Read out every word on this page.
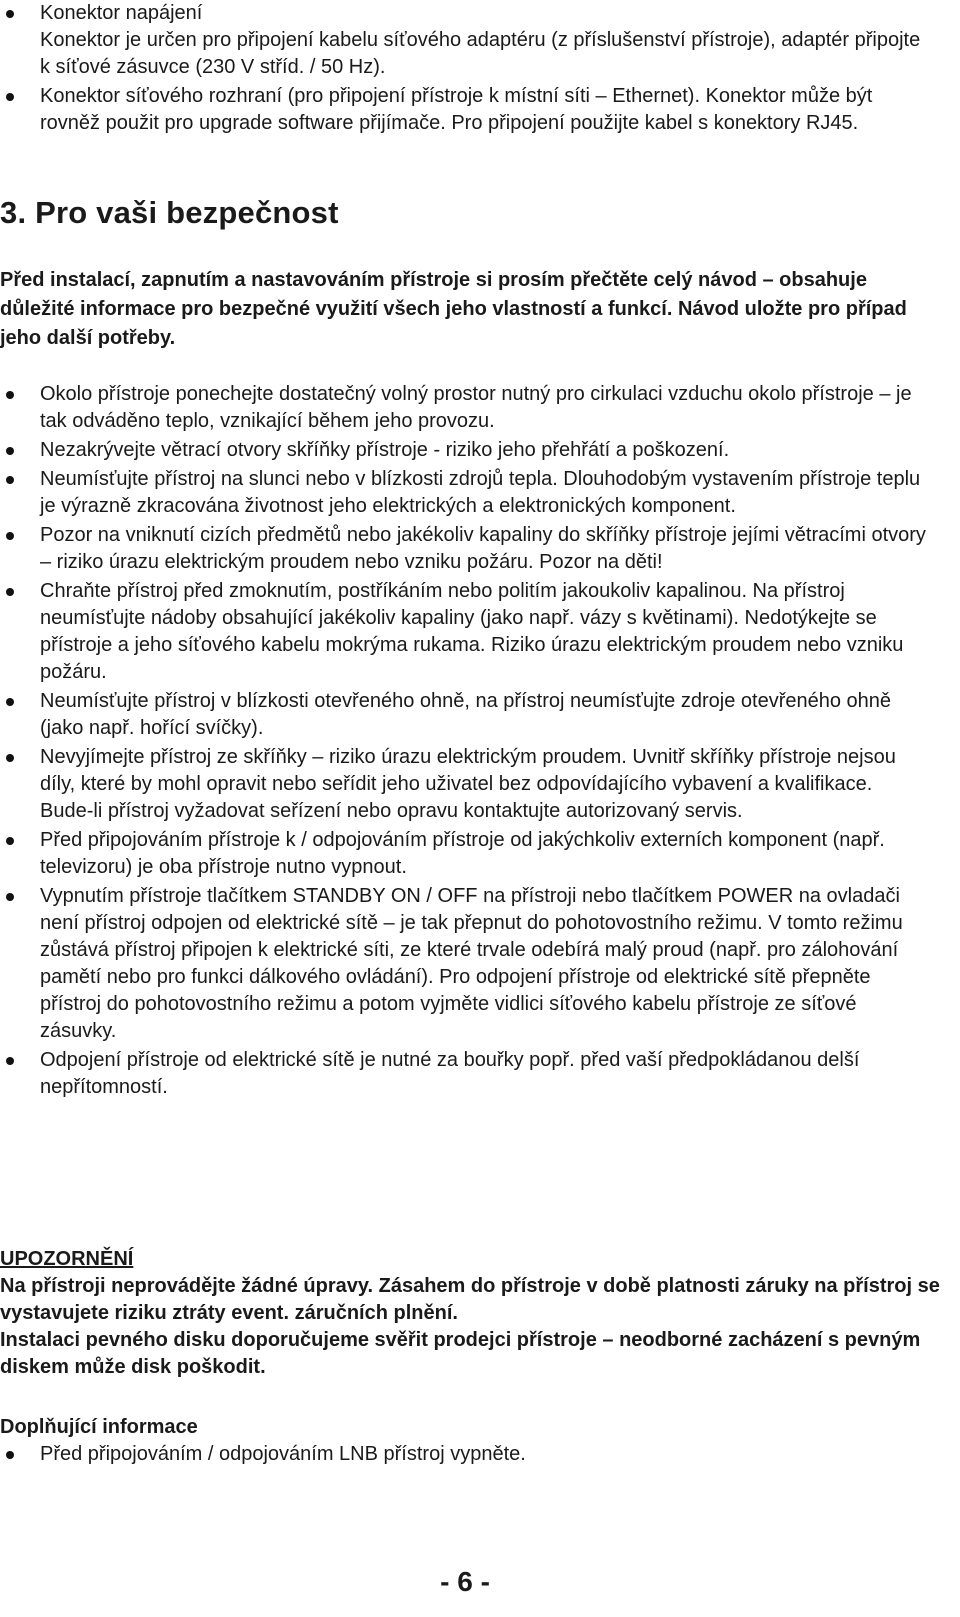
Konektor napájení
Konektor je určen pro připojení kabelu síťového adaptéru (z příslušenství přístroje), adaptér připojte k síťové zásuvce (230 V stříd. / 50 Hz).
Konektor síťového rozhraní (pro připojení přístroje k místní síti – Ethernet). Konektor může být rovněž použit pro upgrade software přijímače. Pro připojení použijte kabel s konektory RJ45.
3. Pro vaši bezpečnost

Před instalací, zapnutím a nastavováním přístroje si prosím přečtěte celý návod – obsahuje důležité informace pro bezpečné využití všech jeho vlastností a funkcí. Návod uložte pro případ jeho další potřeby.

Okolo přístroje ponechejte dostatečný volný prostor nutný pro cirkulaci vzduchu okolo přístroje – je tak odváděno teplo, vznikající během jeho provozu.
Nezakrývejte větrací otvory skříňky přístroje - riziko jeho přehřátí a poškození.
Neumísťujte přístroj na slunci nebo v blízkosti zdrojů tepla. Dlouhodobým vystavením přístroje teplu je výrazně zkracována životnost jeho elektrických a elektronických komponent.
Pozor na vniknutí cizích předmětů nebo jakékoliv kapaliny do skříňky přístroje jejími větracími otvory – riziko úrazu elektrickým proudem nebo vzniku požáru. Pozor na děti!
Chraňte přístroj před zmoknutím, postříkáním nebo politím jakoukoliv kapalinou. Na přístroj neumísťujte nádoby obsahující jakékoliv kapaliny (jako např. vázy s květinami). Nedotýkejte se přístroje a jeho síťového kabelu mokrýma rukama. Riziko úrazu elektrickým proudem nebo vzniku požáru.
Neumísťujte přístroj v blízkosti otevřeného ohně, na přístroj neumísťujte zdroje otevřeného ohně (jako např. hořící svíčky).
Nevyjímejte přístroj ze skříňky – riziko úrazu elektrickým proudem. Uvnitř skříňky přístroje nejsou díly, které by mohl opravit nebo seřídit jeho uživatel bez odpovídajícího vybavení a kvalifikace. Bude-li přístroj vyžadovat seřízení nebo opravu kontaktujte autorizovaný servis.
Před připojováním přístroje k / odpojováním přístroje od jakýchkoliv externích komponent (např. televizoru) je oba přístroje nutno vypnout.
Vypnutím přístroje tlačítkem STANDBY ON / OFF na přístroji nebo tlačítkem POWER na ovladači není přístroj odpojen od elektrické sítě – je tak přepnut do pohotovostního režimu. V tomto režimu zůstává přístroj připojen k elektrické síti, ze které trvale odebírá malý proud (např. pro zálohování pamětí nebo pro funkci dálkového ovládání). Pro odpojení přístroje od elektrické sítě přepněte přístroj do pohotovostního režimu a potom vyjměte vidlici síťového kabelu přístroje ze síťové zásuvky.
Odpojení přístroje od elektrické sítě je nutné za bouřky popř. před vaší předpokládanou delší nepřítomností.

UPOZORNĚNÍ

Na přístroji neprovádějte žádné úpravy. Zásahem do přístroje v době platnosti záruky na přístroj se vystavujete riziku ztráty event. záručních plnění.

Instalaci pevného disku doporučujeme svěřit prodejci přístroje – neodborné zacházení s pevným diskem může disk poškodit.

Doplňující informace

Před připojováním / odpojováním LNB přístroj vypněte.
- 6 -
